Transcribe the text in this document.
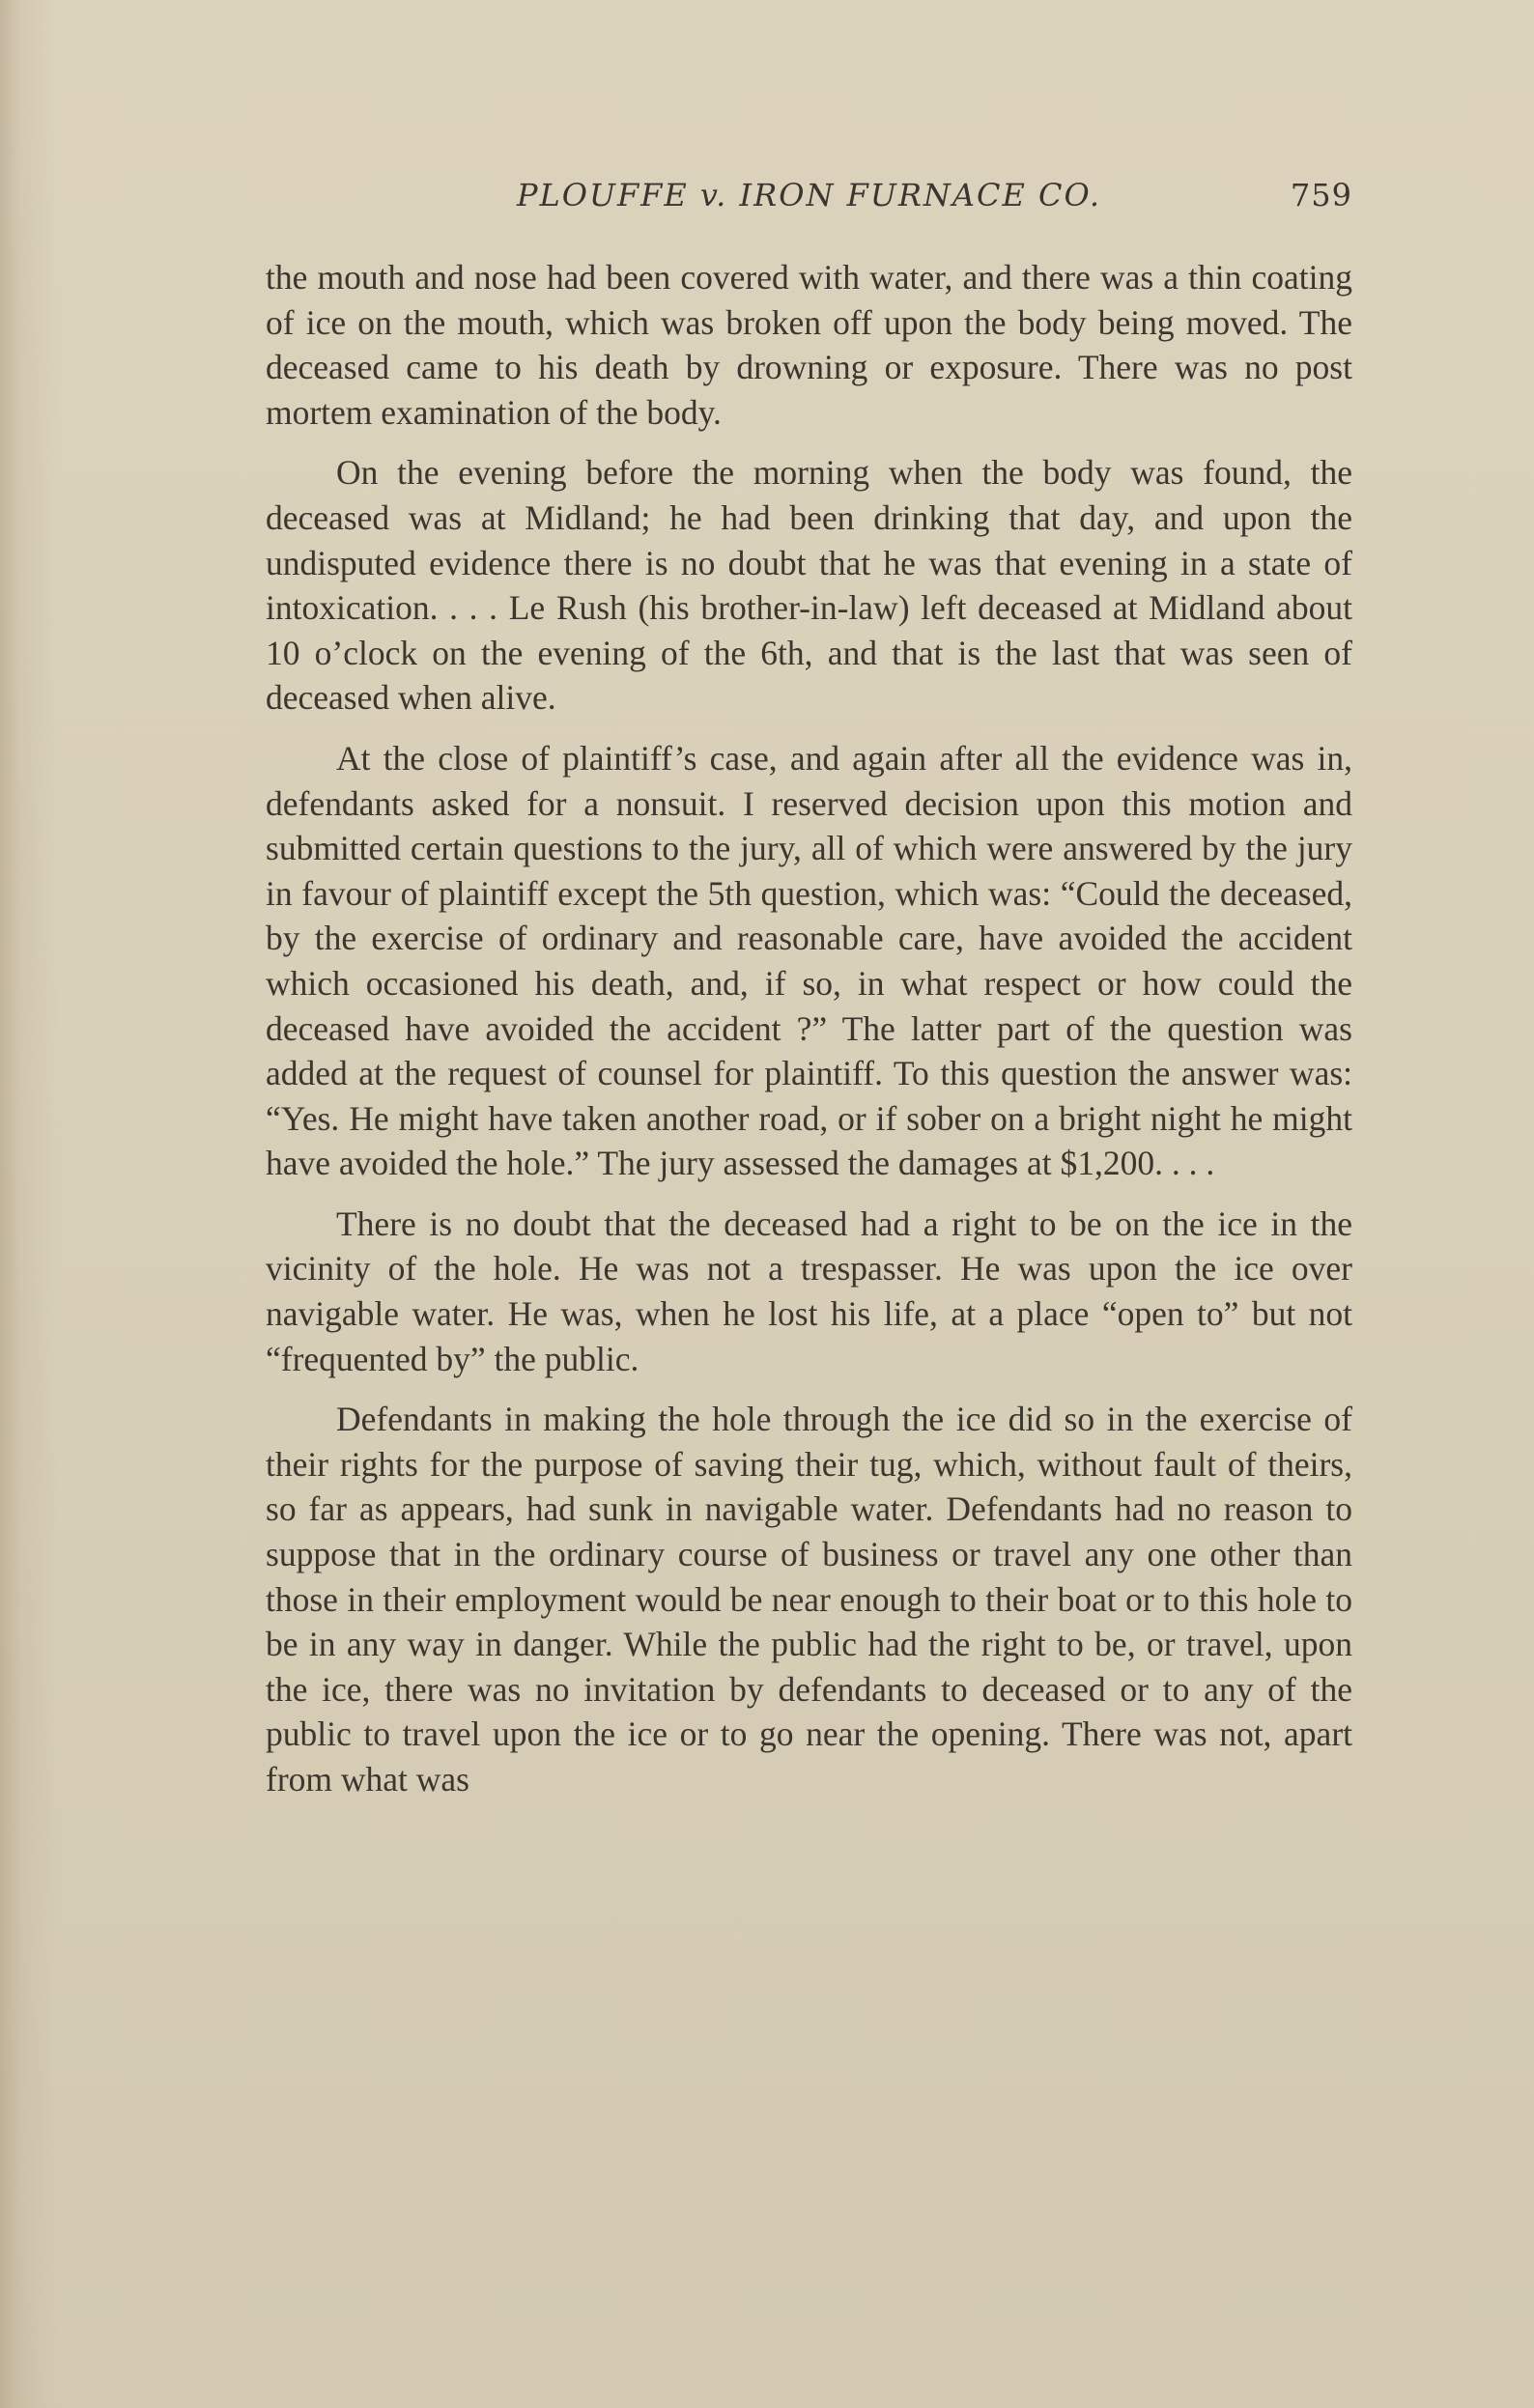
PLOUFFE v. IRON FURNACE CO.	759

the mouth and nose had been covered with water, and there was a thin coating of ice on the mouth, which was broken off upon the body being moved. The deceased came to his death by drowning or exposure. There was no post mortem examination of the body.

On the evening before the morning when the body was found, the deceased was at Midland; he had been drinking that day, and upon the undisputed evidence there is no doubt that he was that evening in a state of intoxication. . . . Le Rush (his brother-in-law) left deceased at Midland about 10 o’clock on the evening of the 6th, and that is the last that was seen of deceased when alive.

At the close of plaintiff’s case, and again after all the evidence was in, defendants asked for a nonsuit. I reserved decision upon this motion and submitted certain questions to the jury, all of which were answered by the jury in favour of plaintiff except the 5th question, which was: “Could the deceased, by the exercise of ordinary and reasonable care, have avoided the accident which occasioned his death, and, if so, in what respect or how could the deceased have avoided the accident ?” The latter part of the question was added at the request of counsel for plaintiff. To this question the answer was: “Yes. He might have taken another road, or if sober on a bright night he might have avoided the hole.” The jury assessed the damages at $1,200. . . .

There is no doubt that the deceased had a right to be on the ice in the vicinity of the hole. He was not a trespasser. He was upon the ice over navigable water. He was, when he lost his life, at a place “open to” but not “frequented by” the public.

Defendants in making the hole through the ice did so in the exercise of their rights for the purpose of saving their tug, which, without fault of theirs, so far as appears, had sunk in navigable water. Defendants had no reason to suppose that in the ordinary course of business or travel any one other than those in their employment would be near enough to their boat or to this hole to be in any way in danger. While the public had the right to be, or travel, upon the ice, there was no invitation by defendants to deceased or to any of the public to travel upon the ice or to go near the opening. There was not, apart from what was
